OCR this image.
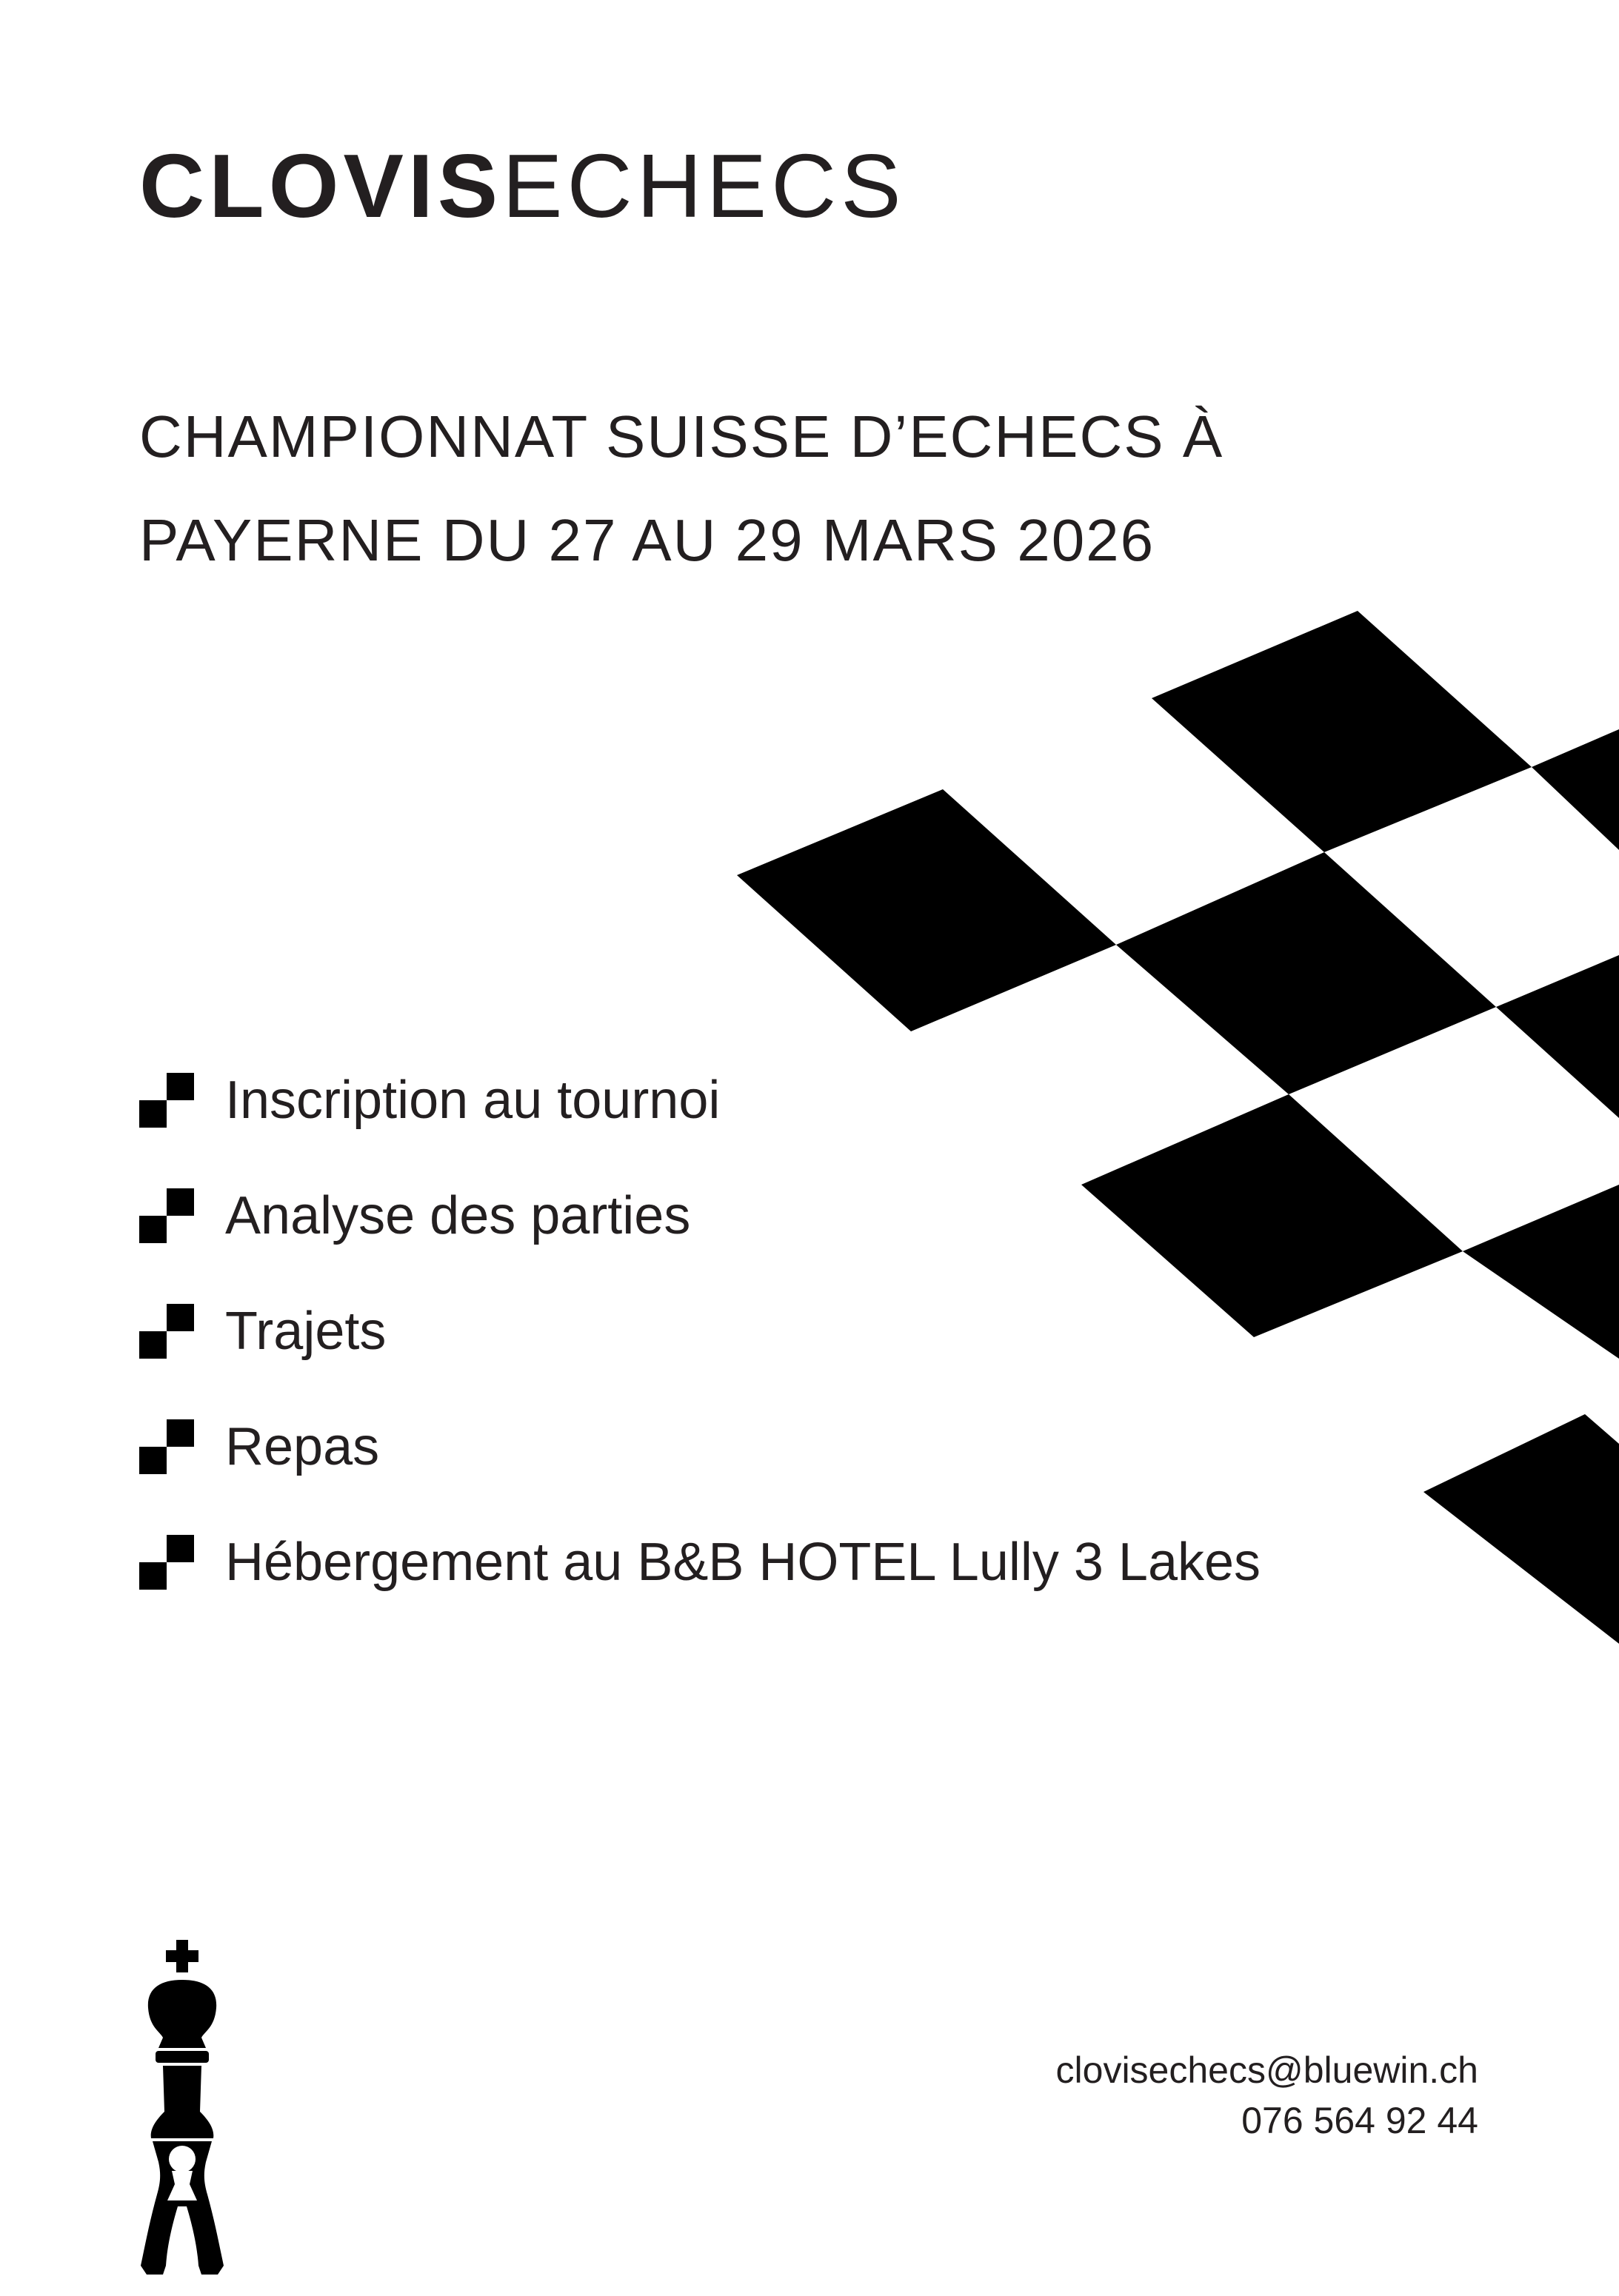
CLOVISECHECS
CHAMPIONNAT SUISSE D’ECHECS À
PAYERNE DU 27 AU 29 MARS 2026
Inscription au tournoi
Analyse des parties
Trajets
Repas
Hébergement au B&B HOTEL Lully 3 Lakes
clovisechecs@bluewin.ch
076 564 92 44
